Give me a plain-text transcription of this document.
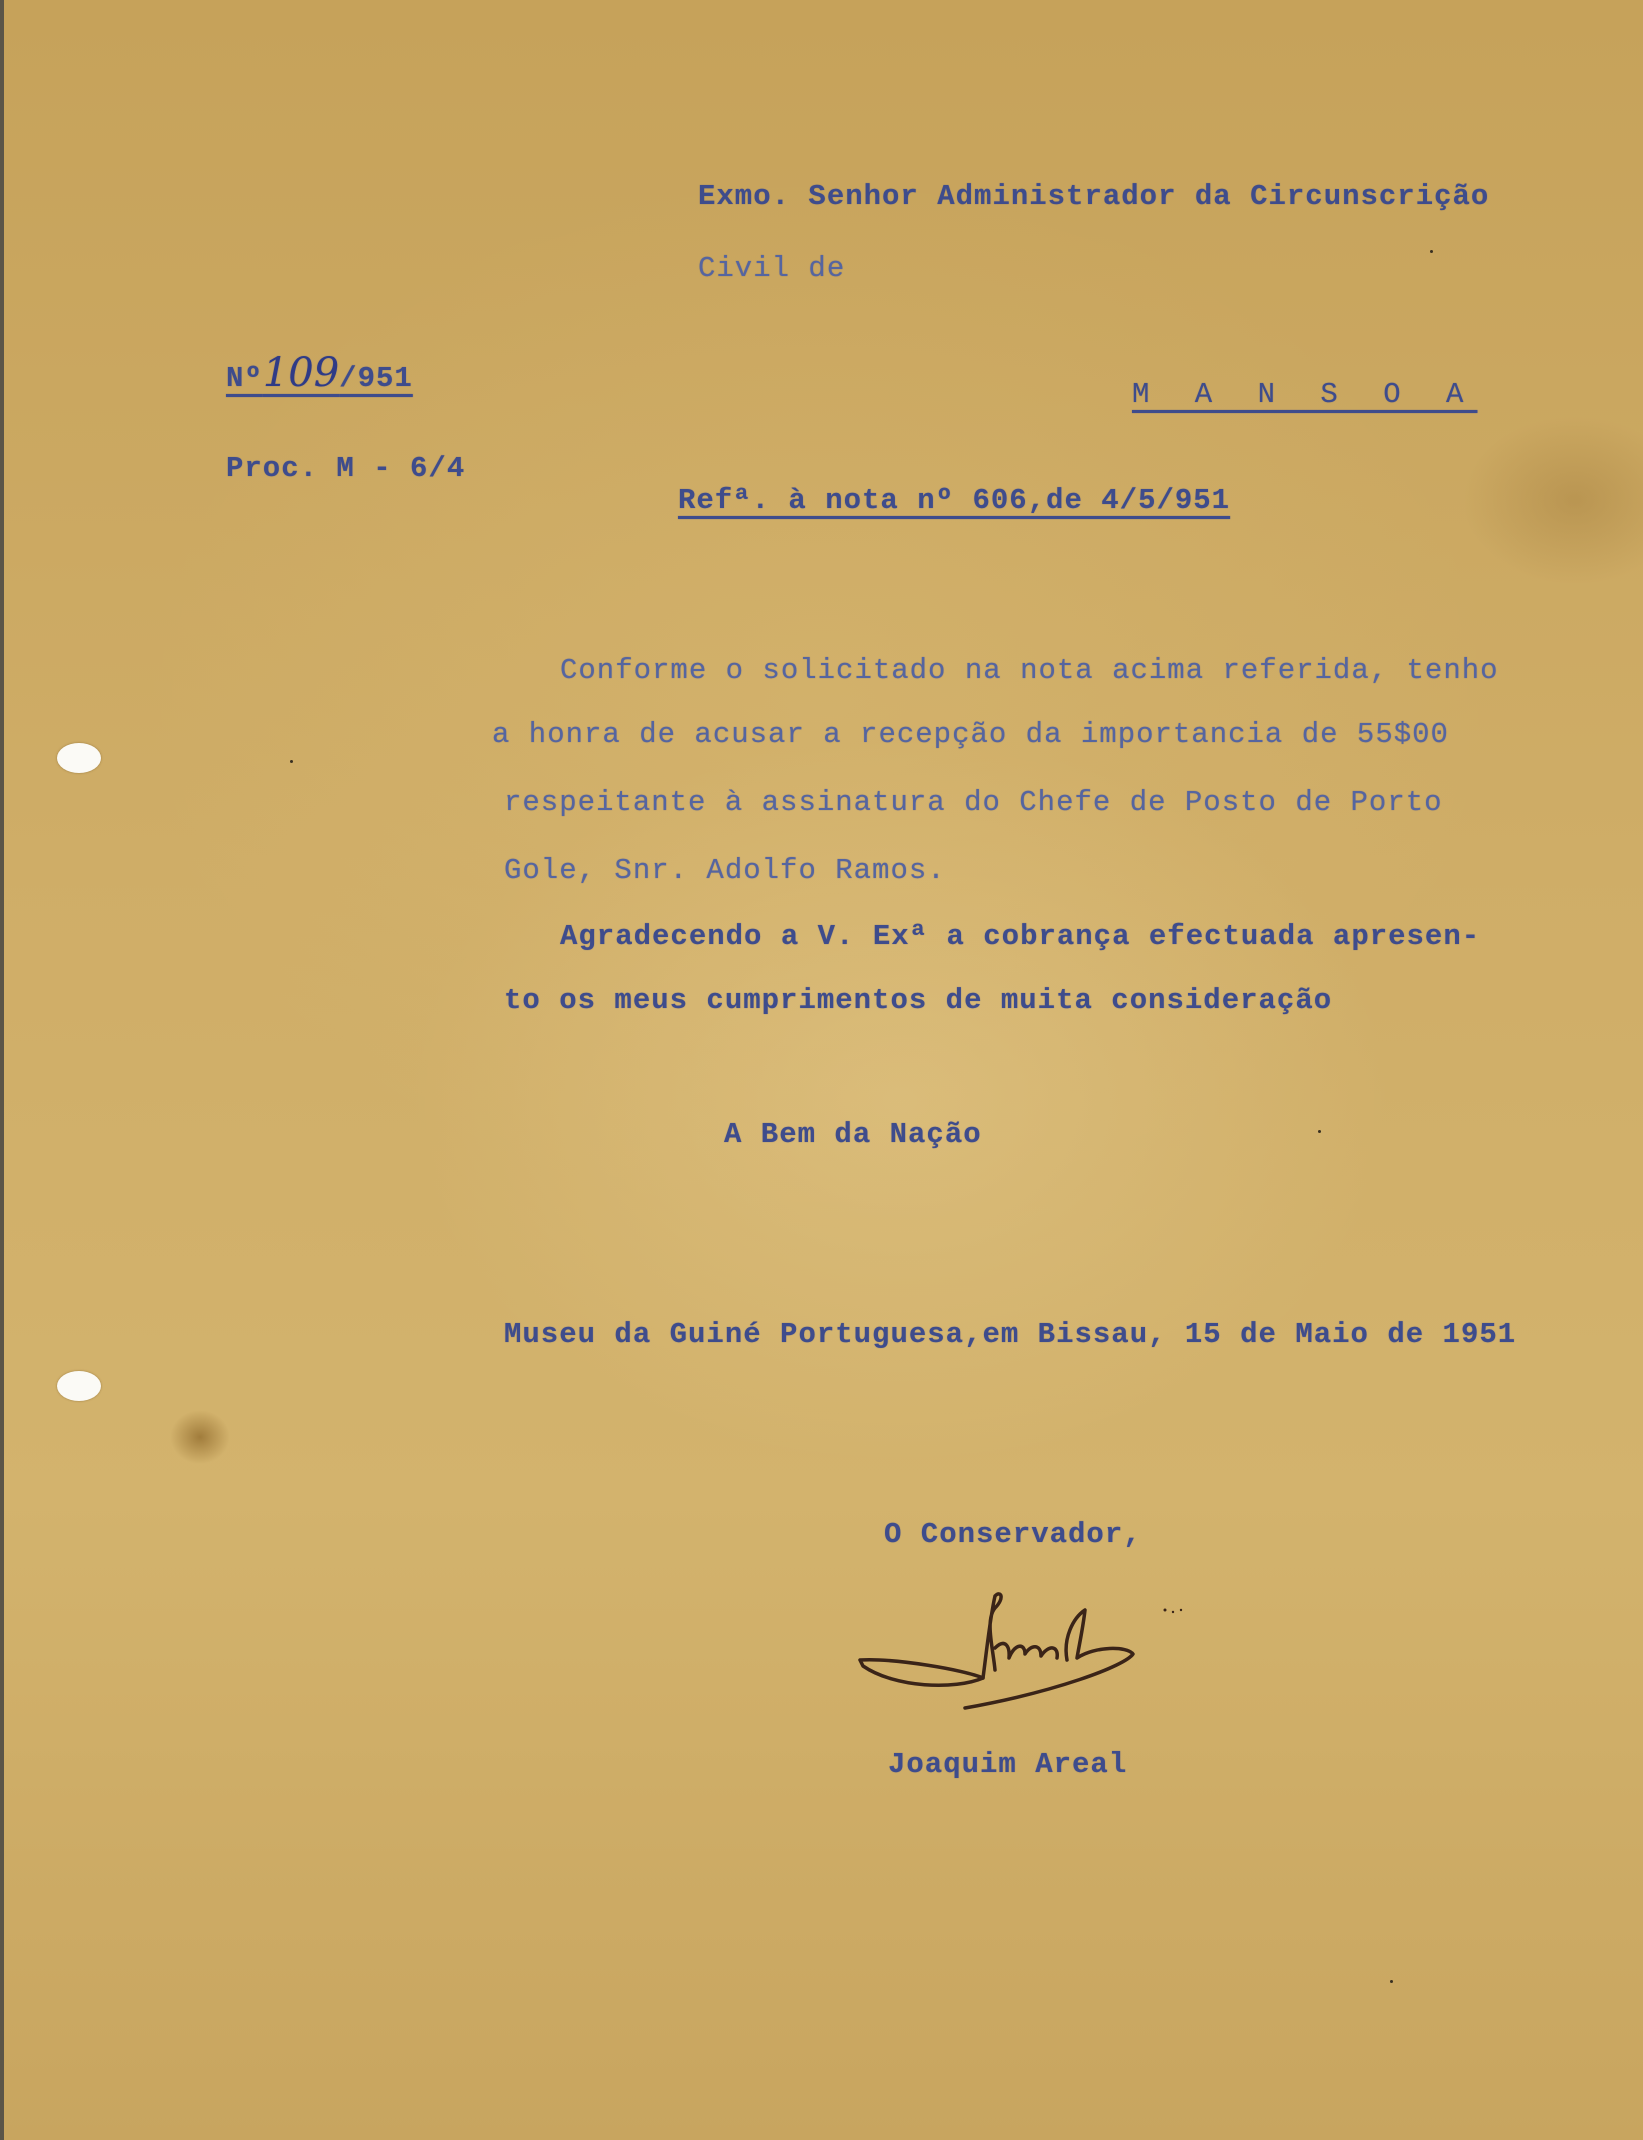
Exmo. Senhor Administrador da Circunscrição
Civil de
M A N S O A
Nº109/951
Proc. M - 6/4
Refª. à nota nº 606,de 4/5/951
Conforme o solicitado na nota acima referida, tenho
a honra de acusar a recepção da importancia de 55$00
respeitante à assinatura do Chefe de Posto de Porto
Gole, Snr. Adolfo Ramos.
Agradecendo a V. Exª a cobrança efectuada apresen-
to os meus cumprimentos de muita consideração
A Bem da Nação
Museu da Guiné Portuguesa,em Bissau, 15 de Maio de 1951
O Conservador,
Joaquim Areal
